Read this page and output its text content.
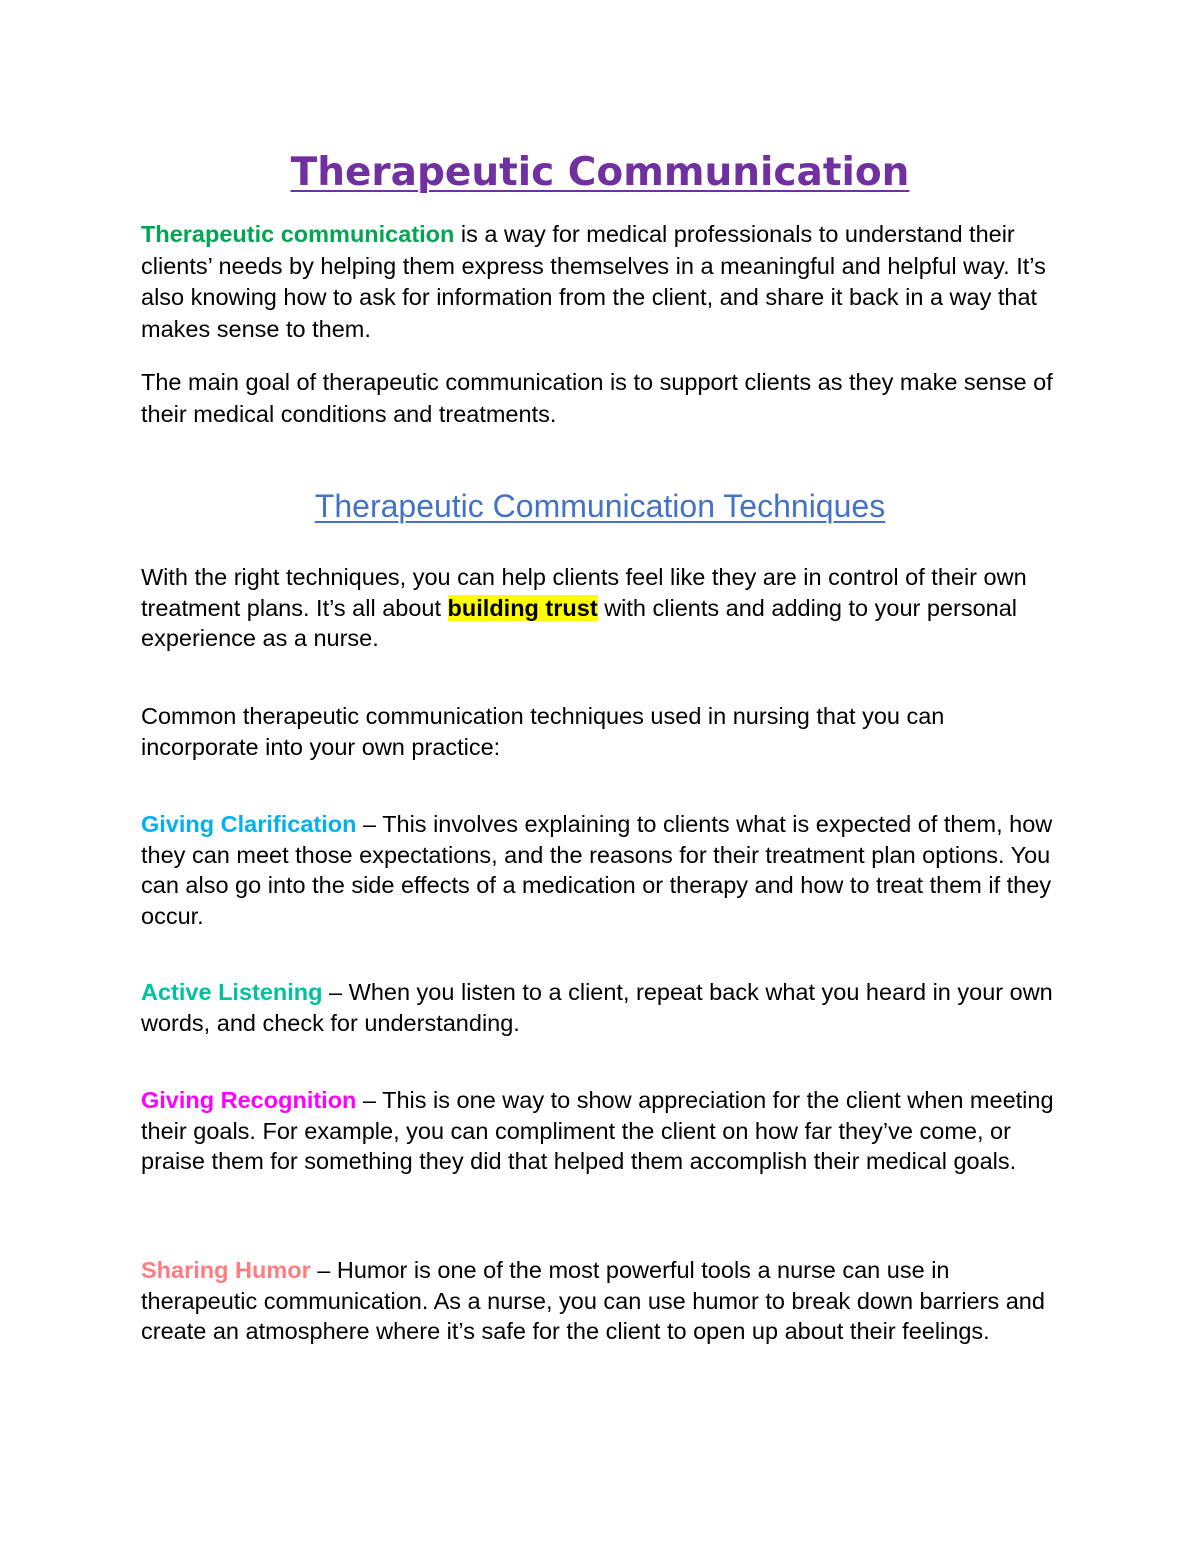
Therapeutic Communication

Therapeutic communication is a way for medical professionals to understand their clients’ needs by helping them express themselves in a meaningful and helpful way. It’s also knowing how to ask for information from the client, and share it back in a way that makes sense to them.

The main goal of therapeutic communication is to support clients as they make sense of their medical conditions and treatments.

Therapeutic Communication Techniques

With the right techniques, you can help clients feel like they are in control of their own treatment plans. It’s all about building trust with clients and adding to your personal experience as a nurse.

Common therapeutic communication techniques used in nursing that you can incorporate into your own practice:

Giving Clarification – This involves explaining to clients what is expected of them, how they can meet those expectations, and the reasons for their treatment plan options. You can also go into the side effects of a medication or therapy and how to treat them if they occur.

Active Listening – When you listen to a client, repeat back what you heard in your own words, and check for understanding.

Giving Recognition – This is one way to show appreciation for the client when meeting their goals. For example, you can compliment the client on how far they’ve come, or praise them for something they did that helped them accomplish their medical goals.

Sharing Humor – Humor is one of the most powerful tools a nurse can use in therapeutic communication. As a nurse, you can use humor to break down barriers and create an atmosphere where it’s safe for the client to open up about their feelings.
